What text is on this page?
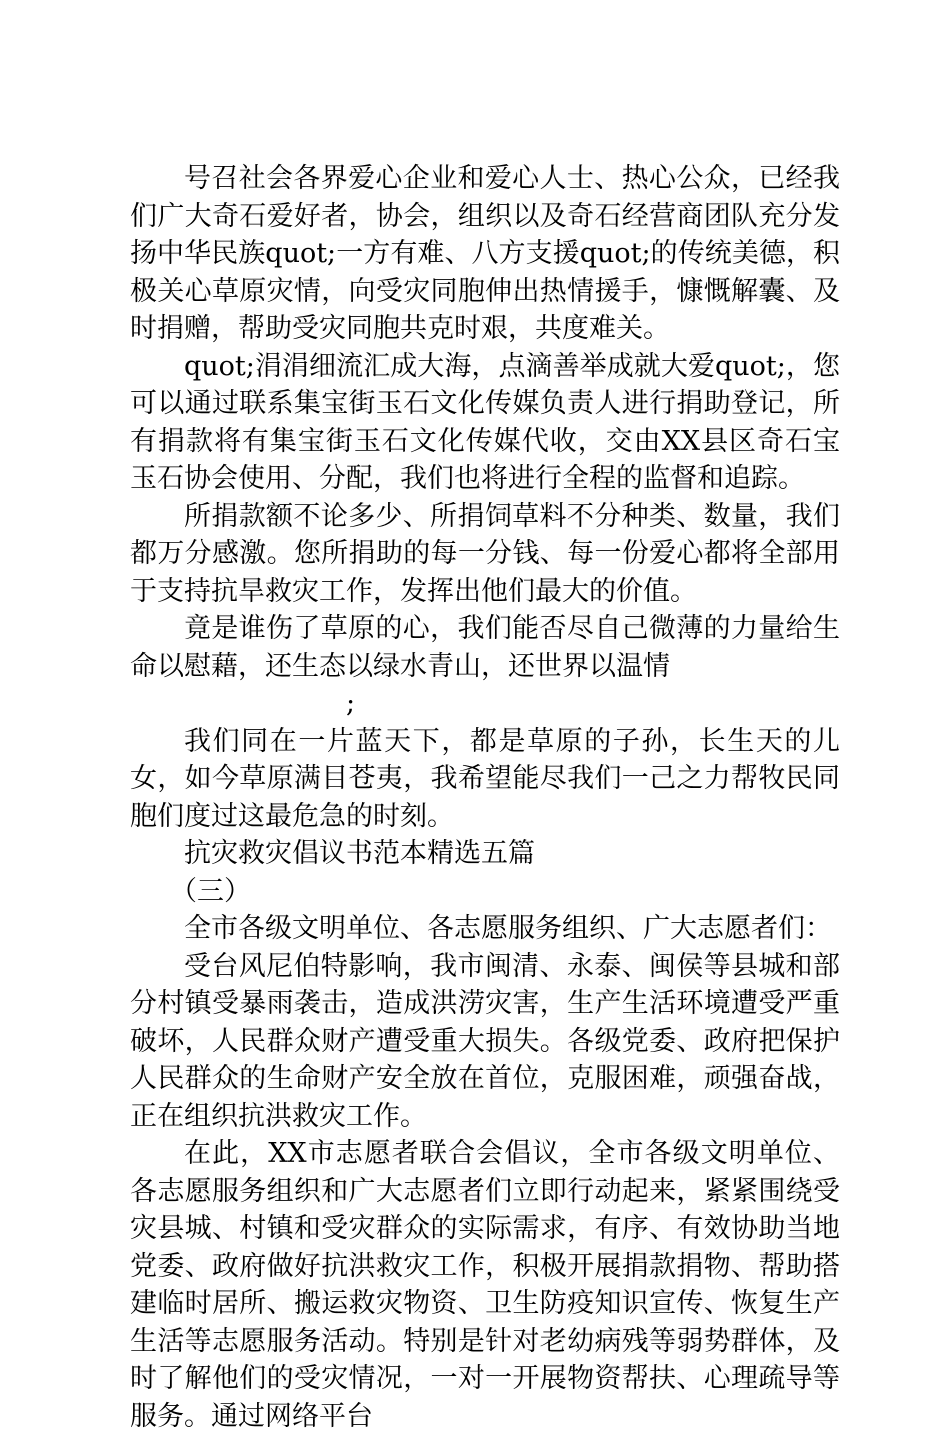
号召社会各界爱心企业和爱心人士、热心公众，已经我们广大奇石爱好者，协会，组织以及奇石经营商团队充分发扬中华民族quot;一方有难、八方支援quot;的传统美德，积极关心草原灾情，向受灾同胞伸出热情援手，慷慨解囊、及时捐赠，帮助受灾同胞共克时艰，共度难关。

quot;涓涓细流汇成大海，点滴善举成就大爱quot;，您可以通过联系集宝街玉石文化传媒负责人进行捐助登记，所有捐款将有集宝街玉石文化传媒代收，交由XX县区奇石宝玉石协会使用、分配，我们也将进行全程的监督和追踪。

所捐款额不论多少、所捐饲草料不分种类、数量，我们都万分感激。您所捐助的每一分钱、每一份爱心都将全部用于支持抗旱救灾工作，发挥出他们最大的价值。

竟是谁伤了草原的心，我们能否尽自己微薄的力量给生命以慰藉，还生态以绿水青山，还世界以温情

;

我们同在一片蓝天下，都是草原的子孙，长生天的儿女，如今草原满目苍夷，我希望能尽我们一己之力帮牧民同胞们度过这最危急的时刻。

抗灾救灾倡议书范本精选五篇

（三）

全市各级文明单位、各志愿服务组织、广大志愿者们：

受台风尼伯特影响，我市闽清、永泰、闽侯等县城和部分村镇受暴雨袭击，造成洪涝灾害，生产生活环境遭受严重破坏，人民群众财产遭受重大损失。各级党委、政府把保护人民群众的生命财产安全放在首位，克服困难，顽强奋战，正在组织抗洪救灾工作。

在此，XX市志愿者联合会倡议，全市各级文明单位、各志愿服务组织和广大志愿者们立即行动起来，紧紧围绕受灾县城、村镇和受灾群众的实际需求，有序、有效协助当地党委、政府做好抗洪救灾工作，积极开展捐款捐物、帮助搭建临时居所、搬运救灾物资、卫生防疫知识宣传、恢复生产生活等志愿服务活动。特别是针对老幼病残等弱势群体，及时了解他们的受灾情况，一对一开展物资帮扶、心理疏导等服务。通过网络平台
